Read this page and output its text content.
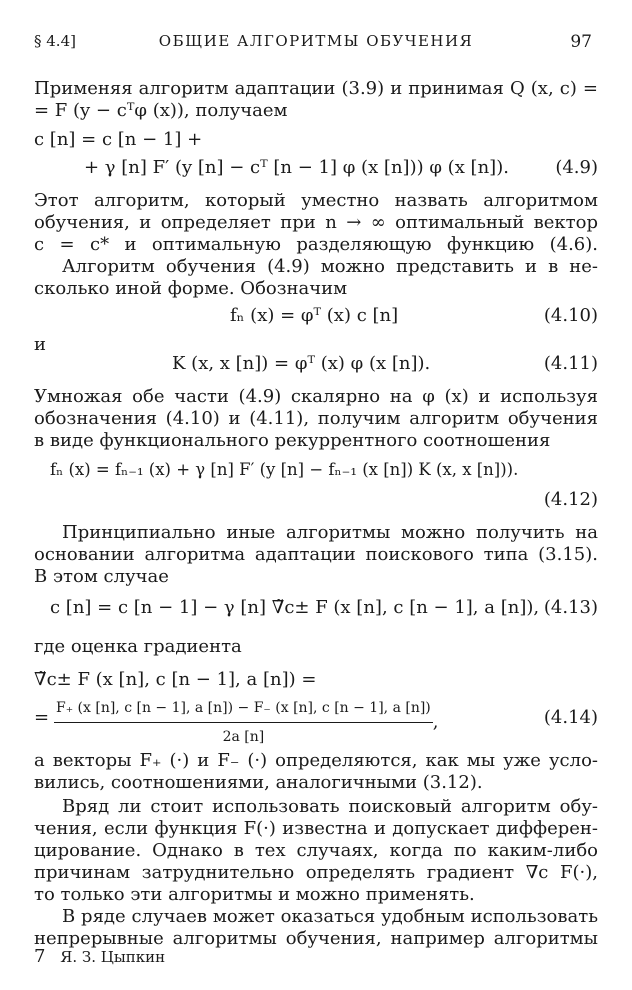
§ 4.4]	ОБЩИЕ АЛГОРИТМЫ ОБУЧЕНИЯ	97
Применяя алгоритм адаптации (3.9) и принимая Q (x, c) =
= F (y − cᵀφ (x)), получаем
c [n] = c [n − 1] +
+ γ [n] F′ (y [n] − cᵀ [n − 1] φ (x [n])) φ (x [n]).	(4.9)
Этот алгоритм, который уместно назвать алгоритмом
обучения, и определяет при n → ∞ оптимальный вектор
c = c* и оптимальную разделяющую функцию (4.6).
Алгоритм обучения (4.9) можно представить и в не-
сколько иной форме. Обозначим
fₙ (x) = φᵀ (x) c [n]	(4.10)
и
K (x, x [n]) = φᵀ (x) φ (x [n]).	(4.11)
Умножая обе части (4.9) скалярно на φ (x) и используя
обозначения (4.10) и (4.11), получим алгоритм обучения
в виде функционального рекуррентного соотношения
fₙ (x) = fₙ₋₁ (x) + γ [n] F′ (y [n] − fₙ₋₁ (x [n]) K (x, x [n])).
(4.12)
Принципиально иные алгоритмы можно получить на
основании алгоритма адаптации поискового типа (3.15).
В этом случае
c [n] = c [n − 1] − γ [n] ∇̃c± F (x [n], c [n − 1], a [n]), (4.13)
где оценка градиента
∇̃c± F (x [n], c [n − 1], a [n]) =
= $\frac{F_+ (x [n], c [n - 1], a [n]) - F_- (x [n], c [n - 1], a [n])}{2a [n]}$ ,	(4.14)
а векторы F₊ (·) и F₋ (·) определяются, как мы уже усло-
вились, соотношениями, аналогичными (3.12).
Вряд ли стоит использовать поисковый алгоритм обу-
чения, если функция F(·) известна и допускает дифферен-
цирование. Однако в тех случаях, когда по каким-либо
причинам затруднительно определять градиент ∇c F(·),
то только эти алгоритмы и можно применять.
В ряде случаев может оказаться удобным использовать
непрерывные алгоритмы обучения, например алгоритмы
7 Я. З. Цыпкин
